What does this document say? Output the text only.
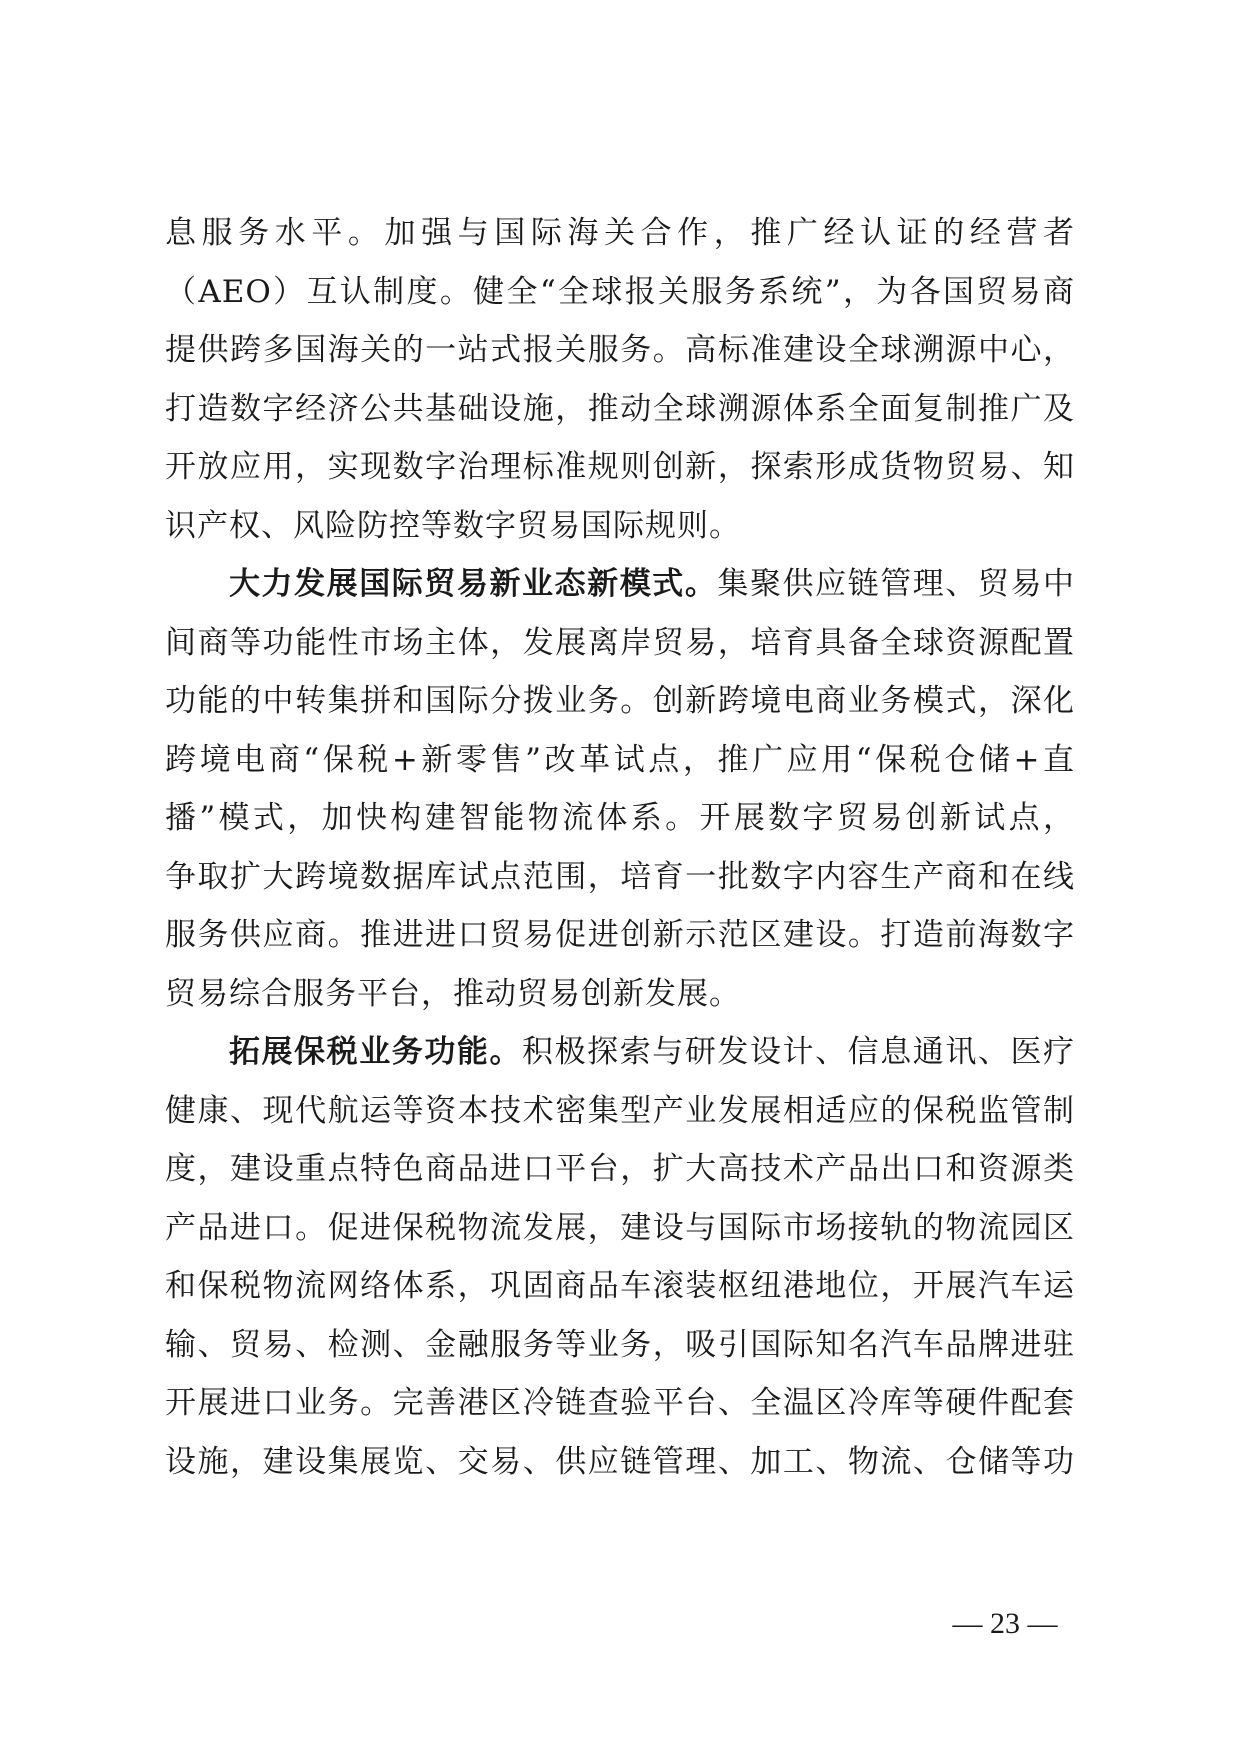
息服务水平。加强与国际海关合作，推广经认证的经营者
（AEO）互认制度。健全“全球报关服务系统”，为各国贸易商
提供跨多国海关的一站式报关服务。高标准建设全球溯源中心，
打造数字经济公共基础设施，推动全球溯源体系全面复制推广及
开放应用，实现数字治理标准规则创新，探索形成货物贸易、知
识产权、风险防控等数字贸易国际规则。
大力发展国际贸易新业态新模式。集聚供应链管理、贸易中
间商等功能性市场主体，发展离岸贸易，培育具备全球资源配置
功能的中转集拼和国际分拨业务。创新跨境电商业务模式，深化
跨境电商“保税+新零售”改革试点，推广应用“保税仓储+直
播”模式，加快构建智能物流体系。开展数字贸易创新试点，
争取扩大跨境数据库试点范围，培育一批数字内容生产商和在线
服务供应商。推进进口贸易促进创新示范区建设。打造前海数字
贸易综合服务平台，推动贸易创新发展。
拓展保税业务功能。积极探索与研发设计、信息通讯、医疗
健康、现代航运等资本技术密集型产业发展相适应的保税监管制
度，建设重点特色商品进口平台，扩大高技术产品出口和资源类
产品进口。促进保税物流发展，建设与国际市场接轨的物流园区
和保税物流网络体系，巩固商品车滚装枢纽港地位，开展汽车运
输、贸易、检测、金融服务等业务，吸引国际知名汽车品牌进驻
开展进口业务。完善港区冷链查验平台、全温区冷库等硬件配套
设施，建设集展览、交易、供应链管理、加工、物流、仓储等功
— 23 —
